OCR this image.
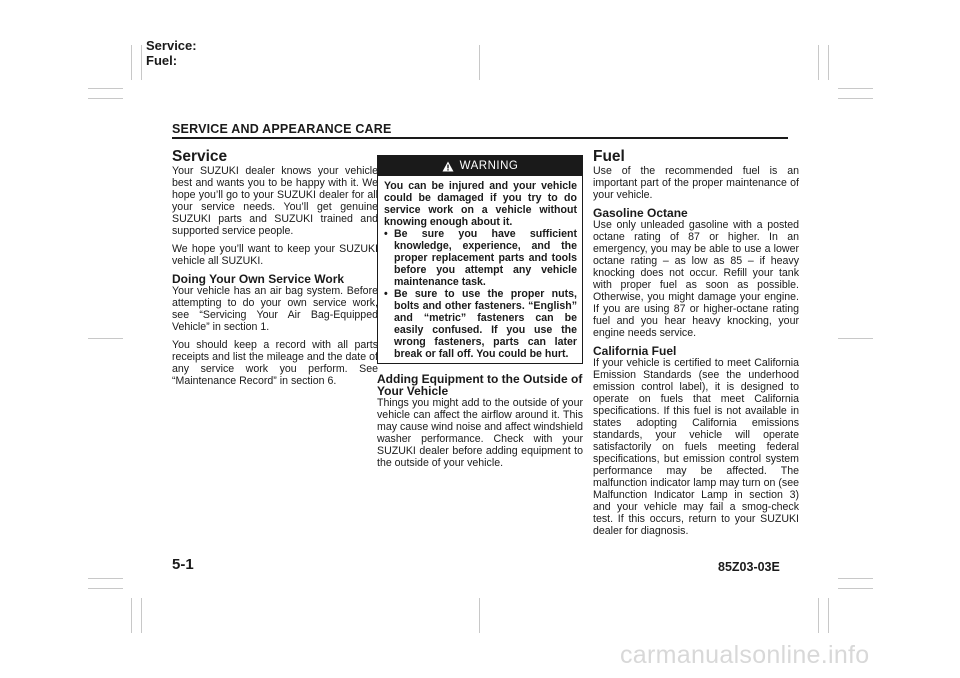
Service:
Fuel:
SERVICE AND APPEARANCE CARE
Service

Your SUZUKI dealer knows your vehicle best and wants you to be happy with it. We hope you’ll go to your SUZUKI dealer for all your service needs. You’ll get genuine SUZUKI parts and SUZUKI trained and supported service people.

We hope you’ll want to keep your SUZUKI vehicle all SUZUKI.

Doing Your Own Service Work

Your vehicle has an air bag system. Before attempting to do your own service work, see “Servicing Your Air Bag-Equipped Vehicle” in section 1.

You should keep a record with all parts receipts and list the mileage and the date of any service work you perform. See “Maintenance Record” in section 6.

WARNING

You can be injured and your vehicle could be damaged if you try to do service work on a vehicle without knowing enough about it.

• Be sure you have sufficient knowledge, experience, and the proper replacement parts and tools before you attempt any vehicle maintenance task.
• Be sure to use the proper nuts, bolts and other fasteners. “English” and “metric” fasteners can be easily confused. If you use the wrong fasteners, parts can later break or fall off. You could be hurt.
Adding Equipment to the Outside of Your Vehicle

Things you might add to the outside of your vehicle can affect the airflow around it. This may cause wind noise and affect windshield washer performance. Check with your SUZUKI dealer before adding equipment to the outside of your vehicle.

Fuel

Use of the recommended fuel is an important part of the proper maintenance of your vehicle.

Gasoline Octane

Use only unleaded gasoline with a posted octane rating of 87 or higher. In an emergency, you may be able to use a lower octane rating – as low as 85 – if heavy knocking does not occur. Refill your tank with proper fuel as soon as possible. Otherwise, you might damage your engine. If you are using 87 or higher-octane rating fuel and you hear heavy knocking, your engine needs service.

California Fuel

If your vehicle is certified to meet California Emission Standards (see the underhood emission control label), it is designed to operate on fuels that meet California specifications. If this fuel is not available in states adopting California emissions standards, your vehicle will operate satisfactorily on fuels meeting federal specifications, but emission control system performance may be affected. The malfunction indicator lamp may turn on (see Malfunction Indicator Lamp in section 3) and your vehicle may fail a smog-check test. If this occurs, return to your SUZUKI dealer for diagnosis.

5-1	85Z03-03E
carmanualsonline.info
